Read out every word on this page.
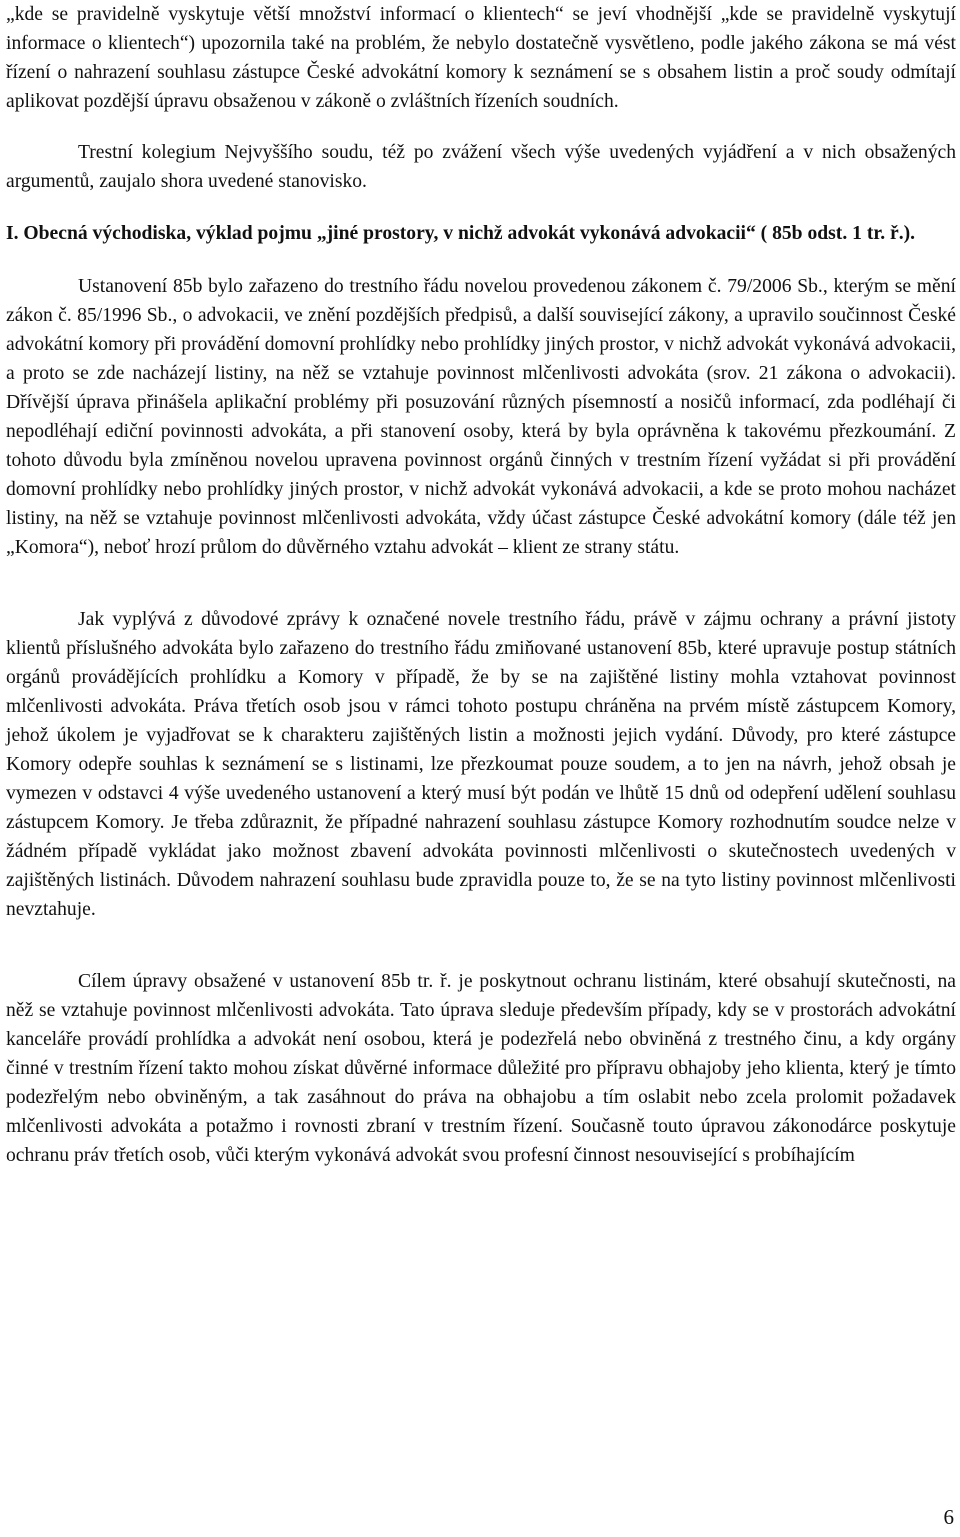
„kde se pravidelně vyskytuje větší množství informací o klientech“ se jeví vhodnější „kde se pravidelně vyskytují informace o klientech“) upozornila také na problém, že nebylo dostatečně vysvětleno, podle jakého zákona se má vést řízení o nahrazení souhlasu zástupce České advokátní komory k seznámení se s obsahem listin a proč soudy odmítají aplikovat pozdější úpravu obsaženou v zákoně o zvláštních řízeních soudních.

Trestní kolegium Nejvyššího soudu, též po zvážení všech výše uvedených vyjádření a v nich obsažených argumentů, zaujalo shora uvedené stanovisko.

I. Obecná východiska, výklad pojmu „jiné prostory, v nichž advokát vykonává advokacii“ ( 85b odst. 1 tr. ř.).

Ustanovení 85b bylo zařazeno do trestního řádu novelou provedenou zákonem č. 79/2006 Sb., kterým se mění zákon č. 85/1996 Sb., o advokacii, ve znění pozdějších předpisů, a další související zákony, a upravilo součinnost České advokátní komory při provádění domovní prohlídky nebo prohlídky jiných prostor, v nichž advokát vykonává advokacii, a proto se zde nacházejí listiny, na něž se vztahuje povinnost mlčenlivosti advokáta (srov. 21 zákona o advokacii). Dřívější úprava přinášela aplikační problémy při posuzování různých písemností a nosičů informací, zda podléhají či nepodléhají ediční povinnosti advokáta, a při stanovení osoby, která by byla oprávněna k takovému přezkoumání. Z tohoto důvodu byla zmíněnou novelou upravena povinnost orgánů činných v trestním řízení vyžádat si při provádění domovní prohlídky nebo prohlídky jiných prostor, v nichž advokát vykonává advokacii, a kde se proto mohou nacházet listiny, na něž se vztahuje povinnost mlčenlivosti advokáta, vždy účast zástupce České advokátní komory (dále též jen „Komora“), neboť hrozí průlom do důvěrného vztahu advokát – klient ze strany státu.

Jak vyplývá z důvodové zprávy k označené novele trestního řádu, právě v zájmu ochrany a právní jistoty klientů příslušného advokáta bylo zařazeno do trestního řádu zmiňované ustanovení 85b, které upravuje postup státních orgánů provádějících prohlídku a Komory v případě, že by se na zajištěné listiny mohla vztahovat povinnost mlčenlivosti advokáta. Práva třetích osob jsou v rámci tohoto postupu chráněna na prvém místě zástupcem Komory, jehož úkolem je vyjadřovat se k charakteru zajištěných listin a možnosti jejich vydání. Důvody, pro které zástupce Komory odepře souhlas k seznámení se s listinami, lze přezkoumat pouze soudem, a to jen na návrh, jehož obsah je vymezen v odstavci 4 výše uvedeného ustanovení a který musí být podán ve lhůtě 15 dnů od odepření udělení souhlasu zástupcem Komory. Je třeba zdůraznit, že případné nahrazení souhlasu zástupce Komory rozhodnutím soudce nelze v žádném případě vykládat jako možnost zbavení advokáta povinnosti mlčenlivosti o skutečnostech uvedených v zajištěných listinách. Důvodem nahrazení souhlasu bude zpravidla pouze to, že se na tyto listiny povinnost mlčenlivosti nevztahuje.

Cílem úpravy obsažené v ustanovení 85b tr. ř. je poskytnout ochranu listinám, které obsahují skutečnosti, na něž se vztahuje povinnost mlčenlivosti advokáta. Tato úprava sleduje především případy, kdy se v prostorách advokátní kanceláře provádí prohlídka a advokát není osobou, která je podezřelá nebo obviněná z trestného činu, a kdy orgány činné v trestním řízení takto mohou získat důvěrné informace důležité pro přípravu obhajoby jeho klienta, který je tímto podezřelým nebo obviněným, a tak zasáhnout do práva na obhajobu a tím oslabit nebo zcela prolomit požadavek mlčenlivosti advokáta a potažmo i rovnosti zbraní v trestním řízení. Současně touto úpravou zákonodárce poskytuje ochranu práv třetích osob, vůči kterým vykonává advokát svou profesní činnost nesouvisející s probíhajícím

6
